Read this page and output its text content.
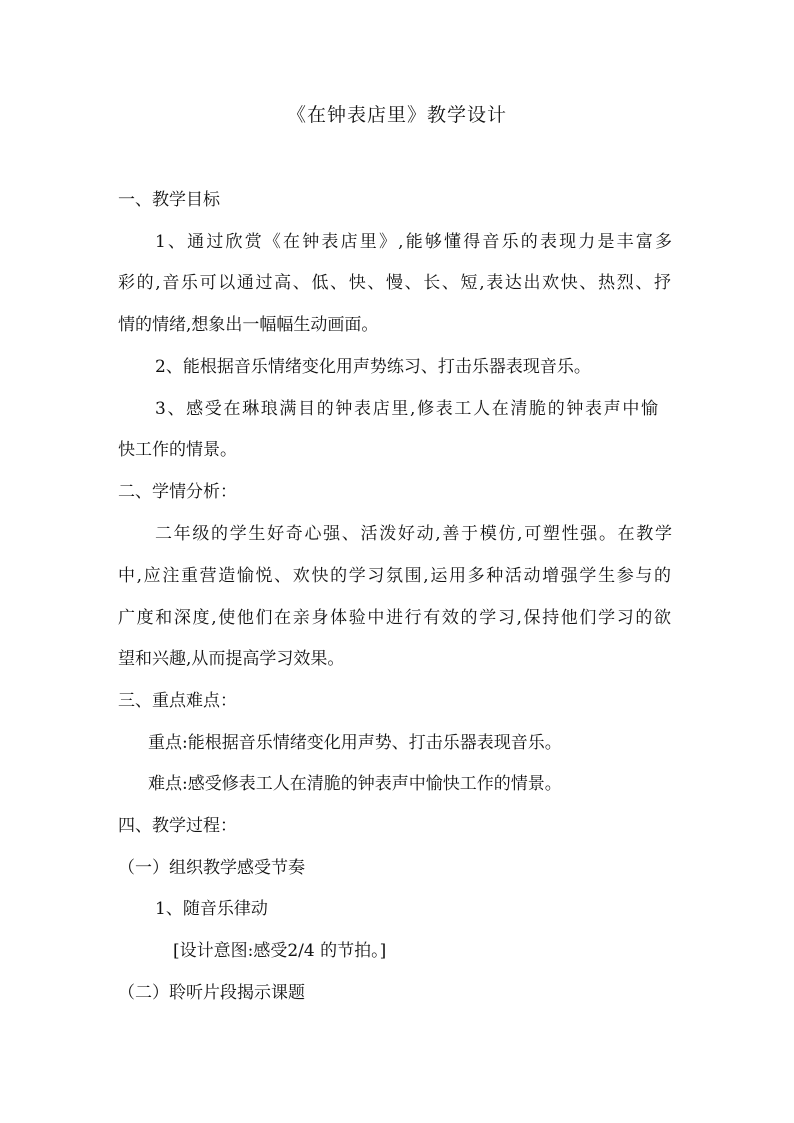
《在钟表店里》教学设计

一、教学目标

1、通过欣赏《在钟表店里》,能够懂得音乐的表现力是丰富多

彩的,音乐可以通过高、低、快、慢、长、短,表达出欢快、热烈、抒

情的情绪,想象出一幅幅生动画面。

2、能根据音乐情绪变化用声势练习、打击乐器表现音乐。

3、感受在琳琅满目的钟表店里,修表工人在清脆的钟表声中愉

快工作的情景。

二、学情分析：

二年级的学生好奇心强、活泼好动,善于模仿,可塑性强。在教学

中,应注重营造愉悦、欢快的学习氛围,运用多种活动增强学生参与的

广度和深度,使他们在亲身体验中进行有效的学习,保持他们学习的欲

望和兴趣,从而提高学习效果。

三、重点难点：

重点:能根据音乐情绪变化用声势、打击乐器表现音乐。

难点:感受修表工人在清脆的钟表声中愉快工作的情景。

四、教学过程：

（一）组织教学感受节奏

1、随音乐律动

[设计意图:感受2/4 的节拍。]

（二）聆听片段揭示课题
